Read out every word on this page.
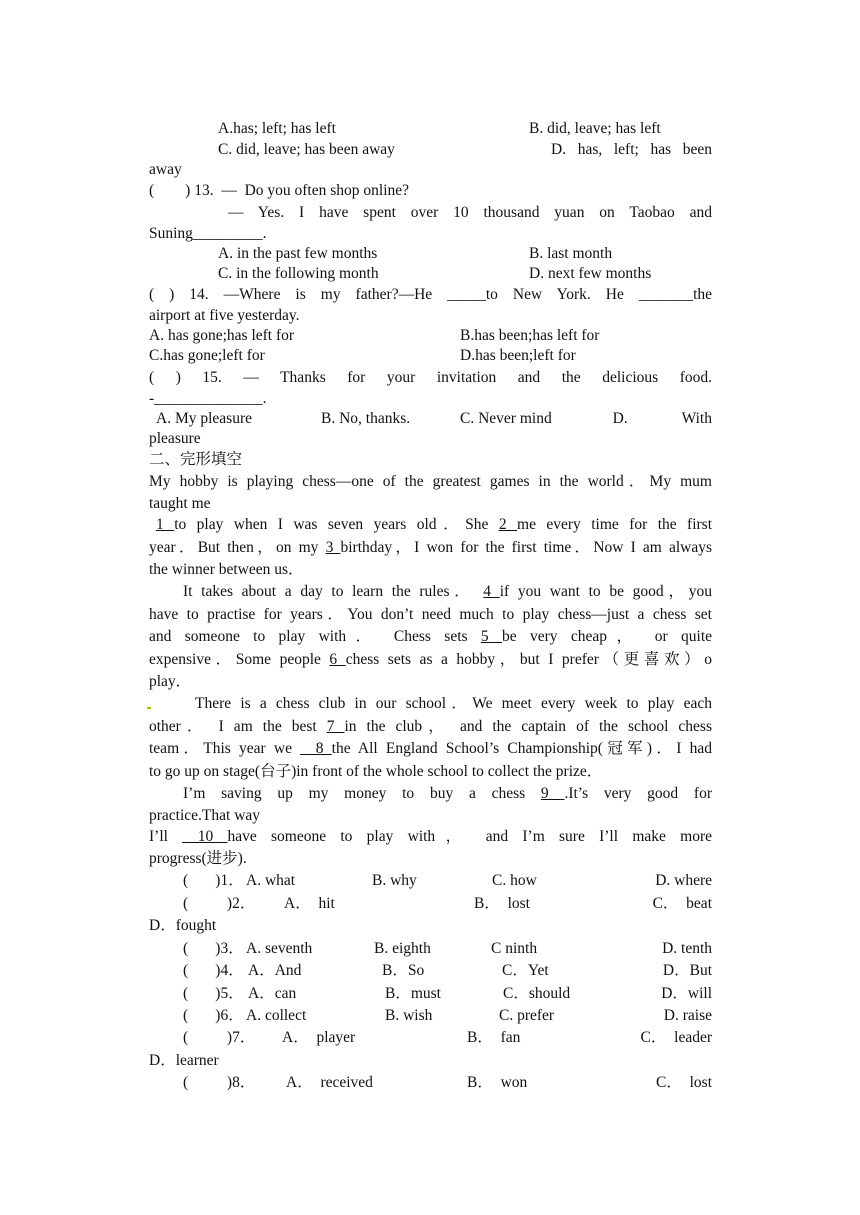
A.has; left; has left	B. did, leave; has left
C. did, leave; has been away	D.   has,   left;   has   been
away
(        ) 13.  —  Do you often shop online?
— Yes. I have spent over 10 thousand yuan on Taobao and
Suning_________.
A. in the past few months	B. last month
C. in the following month	D. next few months
( ) 14. —Where is my father?—He _____to New York. He _______the
airport at five yesterday.
A. has gone;has left for	B.has been;has left for
C.has gone;left for	D.has been;left for
( ) 15. — Thanks for your invitation and the delicious food.
-______________.
A. My pleasure	B. No, thanks.	C. Never mind	D.              With
pleasure
二、完形填空
My hobby is playing chess—one of the greatest games in the world．My mum
taught me
1 to play when I was seven years old．She 2 me every time for the first
year．But then，on my 3 birthday，I won for the first time．Now I am always
the winner between us．
It takes about a day to learn the rules． 4 if you want to be good，you
have to practise for years．You don’t need much to play chess—just a chess set
and someone to play with． Chess sets 5 be very cheap， or quite
expensive．Some people 6 chess sets as a hobby，but I prefer（更喜欢）o
play．
There is a chess club in our school．We meet every week to play each
other． I am the best 7 in the club， and the captain of the school chess
team．This year we __8 the All England School’s Championship(冠军)．I had
to go up on stage(台子)in front of the whole school to collect the prize．
I’m saving up my money to buy a chess 9 .It’s very good for
practice.That way
I’ll __10 have someone to play with， and I’m sure I’ll make more
progress(进步).
(       )1． A. what	B. why	C. how	D. where
(          )2． A．  hit	B．  lost	C．  beat
D．fought
(       )3． A. seventh	B. eighth	C ninth	D. tenth
(       )4． A．And	B．So	C．Yet	D．But
(       )5． A．can	B．must	C．should	D．will
(       )6． A. collect	B. wish	C. prefer	D. raise
(          )7． A．  player	B．  fan	C．  leader
D．learner
(          )8． A．  received	B．  won	C．  lost
